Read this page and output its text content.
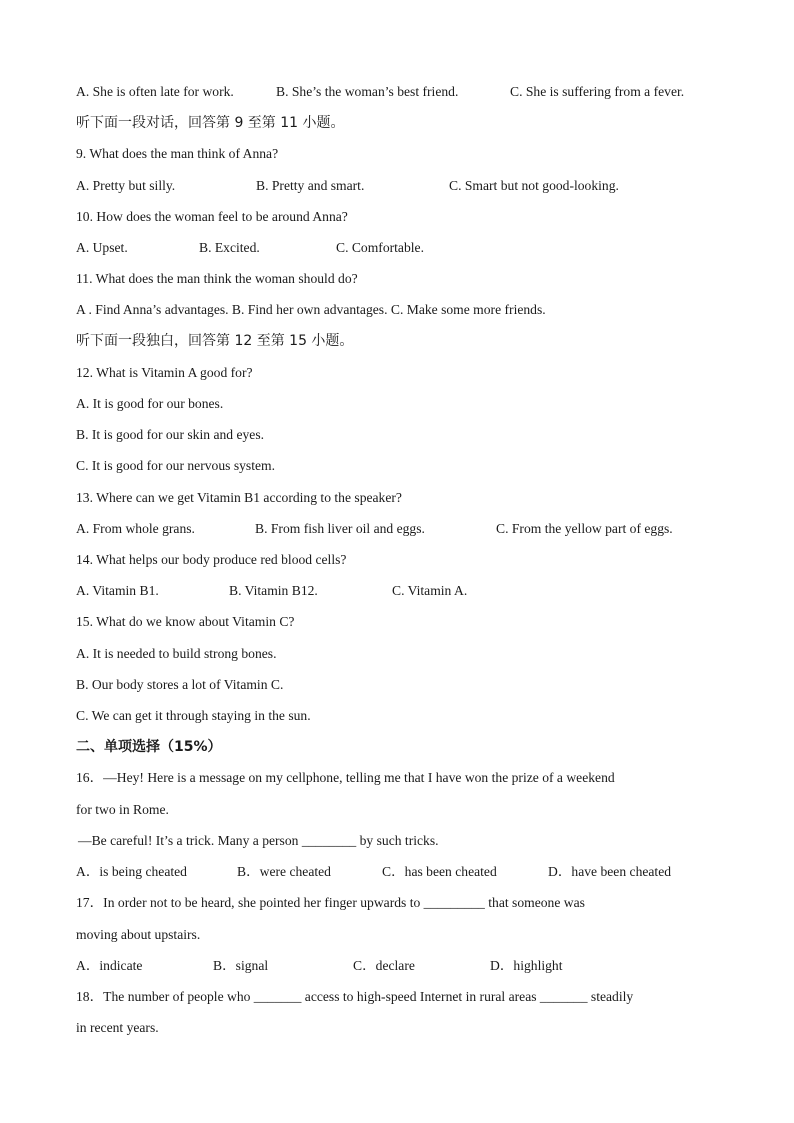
A. She is often late for work.	B. She’s the woman’s best friend.	C. She is suffering from a fever.
听下面一段对话，回答第 9 至第 11 小题。
9. What does the man think of Anna?
A. Pretty but silly.	B. Pretty and smart.	C. Smart but not good-looking.
10. How does the woman feel to be around Anna?
A. Upset.	B. Excited.	C. Comfortable.
11. What does the man think the woman should do?
A . Find Anna’s advantages. B. Find her own advantages. C. Make some more friends.
听下面一段独白，回答第 12 至第 15 小题。
12. What is Vitamin A good for?
A. It is good for our bones.
B. It is good for our skin and eyes.
C. It is good for our nervous system.
13. Where can we get Vitamin B1 according to the speaker?
A. From whole grans.	B. From fish liver oil and eggs.	C. From the yellow part of eggs.
14. What helps our body produce red blood cells?
A. Vitamin B1.	B. Vitamin B12.	C. Vitamin A.
15. What do we know about Vitamin C?
A. It is needed to build strong bones.
B. Our body stores a lot of Vitamin C.
C. We can get it through staying in the sun.
二、单项选择（15%）
16．—Hey! Here is a message on my cellphone, telling me that I have won the prize of a weekend
for two in Rome.
—Be careful! It’s a trick. Many a person ________ by such tricks.
A．is being cheated	B．were cheated	C．has been cheated	D．have been cheated
17．In order not to be heard, she pointed her finger upwards to _________ that someone was
moving about upstairs.
A．indicate	B．signal	C．declare	D．highlight
18．The number of people who _______ access to high-speed Internet in rural areas _______ steadily
in recent years.
